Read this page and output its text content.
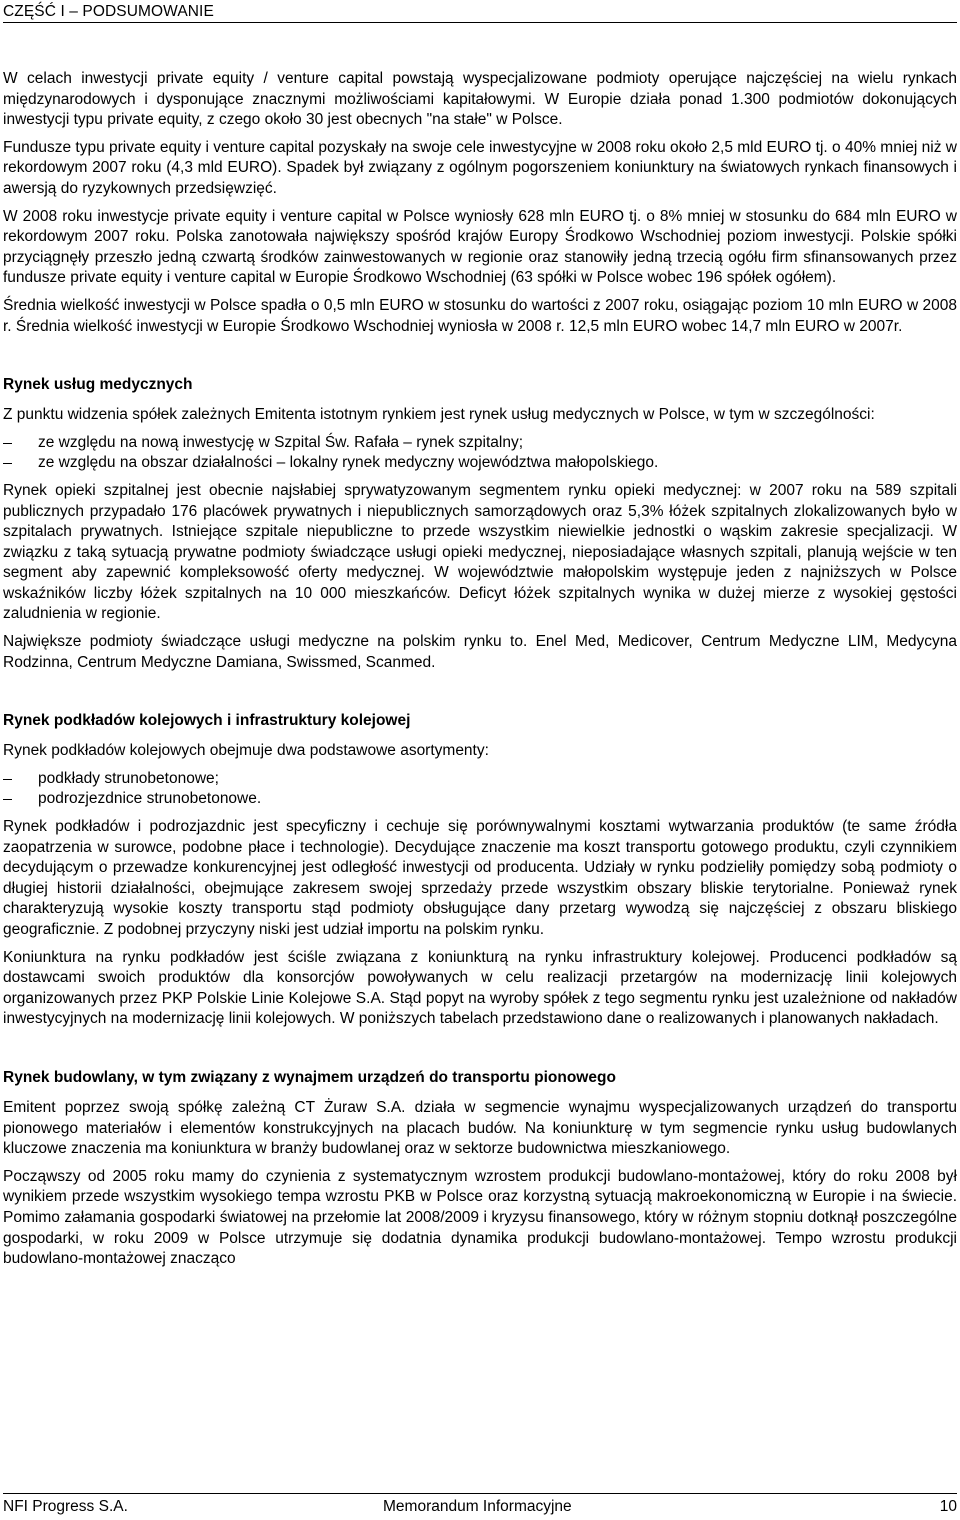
CZĘŚĆ I – PODSUMOWANIE

W celach inwestycji private equity / venture capital powstają wyspecjalizowane podmioty operujące najczęściej na wielu rynkach międzynarodowych i dysponujące znacznymi możliwościami kapitałowymi. W Europie działa ponad 1.300 podmiotów dokonujących inwestycji typu private equity, z czego około 30 jest obecnych "na stałe" w Polsce.

Fundusze typu private equity i venture capital pozyskały na swoje cele inwestycyjne w 2008 roku około 2,5 mld EURO tj. o 40% mniej niż w rekordowym 2007 roku (4,3 mld EURO). Spadek był związany z ogólnym pogorszeniem koniunktury na światowych rynkach finansowych i awersją do ryzykownych przedsięwzięć.

W 2008 roku inwestycje private equity i venture capital w Polsce wyniosły 628 mln EURO tj. o 8% mniej w stosunku do 684 mln EURO w rekordowym 2007 roku. Polska zanotowała największy spośród krajów Europy Środkowo Wschodniej poziom inwestycji. Polskie spółki przyciągnęły przeszło jedną czwartą środków zainwestowanych w regionie oraz stanowiły jedną trzecią ogółu firm sfinansowanych przez fundusze private equity i venture capital w Europie Środkowo Wschodniej (63 spółki w Polsce wobec 196 spółek ogółem).

Średnia wielkość inwestycji w Polsce spadła o 0,5 mln EURO w stosunku do wartości z 2007 roku, osiągając poziom 10 mln EURO w 2008 r. Średnia wielkość inwestycji w Europie Środkowo Wschodniej wyniosła w 2008 r. 12,5 mln EURO wobec 14,7 mln EURO w 2007r.

Rynek usług medycznych

Z punktu widzenia spółek zależnych Emitenta istotnym rynkiem jest rynek usług medycznych w Polsce, w tym w szczególności:

ze względu na nową inwestycję w Szpital Św. Rafała – rynek szpitalny;
ze względu na obszar działalności – lokalny rynek medyczny województwa małopolskiego.

Rynek opieki szpitalnej jest obecnie najsłabiej sprywatyzowanym segmentem rynku opieki medycznej: w 2007 roku na 589 szpitali publicznych przypadało 176 placówek prywatnych i niepublicznych samorządowych oraz 5,3% łóżek szpitalnych zlokalizowanych było w szpitalach prywatnych. Istniejące szpitale niepubliczne to przede wszystkim niewielkie jednostki o wąskim zakresie specjalizacji. W związku z taką sytuacją prywatne podmioty świadczące usługi opieki medycznej, nieposiadające własnych szpitali, planują wejście w ten segment aby zapewnić kompleksowość oferty medycznej. W województwie małopolskim występuje jeden z najniższych w Polsce wskaźników liczby łóżek szpitalnych na 10 000 mieszkańców. Deficyt łóżek szpitalnych wynika w dużej mierze z wysokiej gęstości zaludnienia w regionie.

Największe podmioty świadczące usługi medyczne na polskim rynku to. Enel Med, Medicover, Centrum Medyczne LIM, Medycyna Rodzinna, Centrum Medyczne Damiana, Swissmed, Scanmed.

Rynek podkładów kolejowych i infrastruktury kolejowej

Rynek podkładów kolejowych obejmuje dwa podstawowe asortymenty:

podkłady strunobetonowe;
podrozjezdnice strunobetonowe.

Rynek podkładów i podrozjazdnic jest specyficzny i cechuje się porównywalnymi kosztami wytwarzania produktów (te same źródła zaopatrzenia w surowce, podobne płace i technologie). Decydujące znaczenie ma koszt transportu gotowego produktu, czyli czynnikiem decydującym o przewadze konkurencyjnej jest odległość inwestycji od producenta. Udziały w rynku podzieliły pomiędzy sobą podmioty o długiej historii działalności, obejmujące zakresem swojej sprzedaży przede wszystkim obszary bliskie terytorialne. Ponieważ rynek charakteryzują wysokie koszty transportu stąd podmioty obsługujące dany przetarg wywodzą się najczęściej z obszaru bliskiego geograficznie. Z podobnej przyczyny niski jest udział importu na polskim rynku.

Koniunktura na rynku podkładów jest ściśle związana z koniunkturą na rynku infrastruktury kolejowej. Producenci podkładów są dostawcami swoich produktów dla konsorcjów powoływanych w celu realizacji przetargów na modernizację linii kolejowych organizowanych przez PKP Polskie Linie Kolejowe S.A. Stąd popyt na wyroby spółek z tego segmentu rynku jest uzależnione od nakładów inwestycyjnych na modernizację linii kolejowych. W poniższych tabelach przedstawiono dane o realizowanych i planowanych nakładach.

Rynek budowlany, w tym związany z wynajmem urządzeń do transportu pionowego

Emitent poprzez swoją spółkę zależną CT Żuraw S.A. działa w segmencie wynajmu wyspecjalizowanych urządzeń do transportu pionowego materiałów i elementów konstrukcyjnych na placach budów. Na koniunkturę w tym segmencie rynku usług budowlanych kluczowe znaczenia ma koniunktura w branży budowlanej oraz w sektorze budownictwa mieszkaniowego.

Począwszy od 2005 roku mamy do czynienia z systematycznym wzrostem produkcji budowlano-montażowej, który do roku 2008 był wynikiem przede wszystkim wysokiego tempa wzrostu PKB w Polsce oraz korzystną sytuacją makroekonomiczną w Europie i na świecie. Pomimo załamania gospodarki światowej na przełomie lat 2008/2009 i kryzysu finansowego, który w różnym stopniu dotknął poszczególne gospodarki, w roku 2009 w Polsce utrzymuje się dodatnia dynamika produkcji budowlano-montażowej. Tempo wzrostu produkcji budowlano-montażowej znacząco

NFI Progress S.A.	Memorandum Informacyjne	10
